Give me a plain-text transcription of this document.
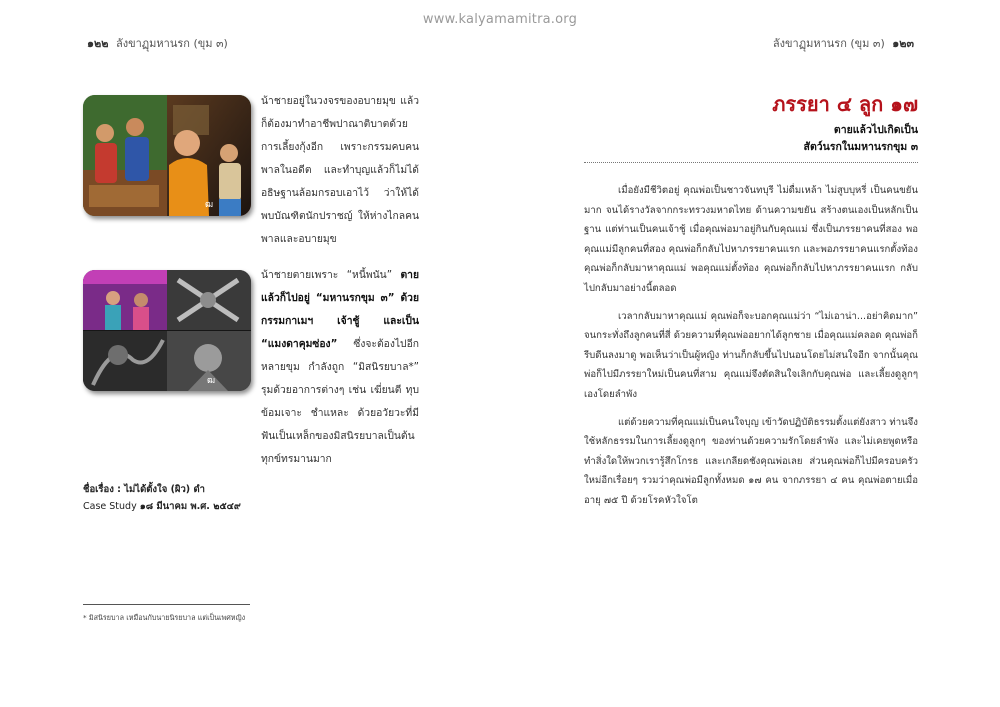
www.kalyamamitra.org
๑๒๒ ลังขาฏุมหานรก (ขุม ๓)
ฒ
น้าชายอยู่ในวงจรของอบายมุข แล้วก็ต้องมาทำอาชีพปาณาติบาตด้วยการเลี้ยงกุ้งอีก เพราะกรรมคบคนพาลในอดีต และทำบุญแล้วก็ไม่ได้อธิษฐานล้อมกรอบเอาไว้ ว่าให้ได้พบบัณฑิตนักปราชญ์ ให้ห่างไกลคนพาลและอบายมุข
ฒ
น้าชายตายเพราะ “หนี้พนัน” ตายแล้วก็ไปอยู่ “มหานรกขุม ๓” ด้วยกรรมกาเมฯ เจ้าชู้ และเป็น “แมงดาคุมซ่อง” ซึ่งจะต้องไปอีกหลายขุม กำลังถูก “มิสนิรยบาล*” รุมด้วยอาการต่างๆ เช่น เฆี่ยนตี ทุบข้อมเจาะ ชำแหละ ด้วยอวัยวะที่มีฟันเป็นเหล็กของมิสนิรยบาลเป็นต้น ทุกข์ทรมานมาก
ชื่อเรื่อง : ไม่ได้ตั้งใจ (ผิว) ดำ
Case Study ๑๘ มีนาคม พ.ศ. ๒๕๔๙
* มิสนิรยบาล เหมือนกับนายนิรยบาล แต่เป็นเพศหญิง
ลังขาฏุมหานรก (ขุม ๓) ๑๒๓
ภรรยา ๔ ลูก ๑๗
ตายแล้วไปเกิดเป็น
สัตว์นรกในมหานรกขุม ๓

เมื่อยังมีชีวิตอยู่ คุณพ่อเป็นชาวจันทบุรี ไม่ดื่มเหล้า ไม่สูบบุหรี่ เป็นคนขยันมาก จนได้รางวัลจากกระทรวงมหาดไทย ด้านความขยัน สร้างตนเองเป็นหลักเป็นฐาน แต่ท่านเป็นคนเจ้าชู้ เมื่อคุณพ่อมาอยู่กินกับคุณแม่ ซึ่งเป็นภรรยาคนที่สอง พอคุณแม่มีลูกคนที่สอง คุณพ่อก็กลับไปหาภรรยาคนแรก และพอภรรยาคนแรกตั้งท้องคุณพ่อก็กลับมาหาคุณแม่ พอคุณแม่ตั้งท้อง คุณพ่อก็กลับไปหาภรรยาคนแรก กลับไปกลับมาอย่างนี้ตลอด

เวลากลับมาหาคุณแม่ คุณพ่อก็จะบอกคุณแม่ว่า “ไม่เอาน่า...อย่าคิดมาก” จนกระทั่งถึงลูกคนที่สี่ ด้วยความที่คุณพ่ออยากได้ลูกชาย เมื่อคุณแม่คลอด คุณพ่อก็รีบดีนลงมาดู พอเห็นว่าเป็นผู้หญิง ท่านก็กลับขึ้นไปนอนโดยไม่สนใจอีก จากนั้นคุณพ่อก็ไปมีภรรยาใหม่เป็นคนที่สาม คุณแม่จึงตัดสินใจเลิกกับคุณพ่อ และเลี้ยงดูลูกๆ เองโดยลำพัง

แต่ด้วยความที่คุณแม่เป็นคนใจบุญ เข้าวัดปฏิบัติธรรมตั้งแต่ยังสาว ท่านจึงใช้หลักธรรมในการเลี้ยงดูลูกๆ ของท่านด้วยความรักโดยลำพัง และไม่เคยพูดหรือทำสิ่งใดให้พวกเรารู้สึกโกรธ และเกลียดชังคุณพ่อเลย ส่วนคุณพ่อก็ไปมีครอบครัวใหม่อีกเรื่อยๆ รวมว่าคุณพ่อมีลูกทั้งหมด ๑๗ คน จากภรรยา ๔ คน คุณพ่อตายเมื่ออายุ ๗๕ ปี ด้วยโรคหัวใจโต
